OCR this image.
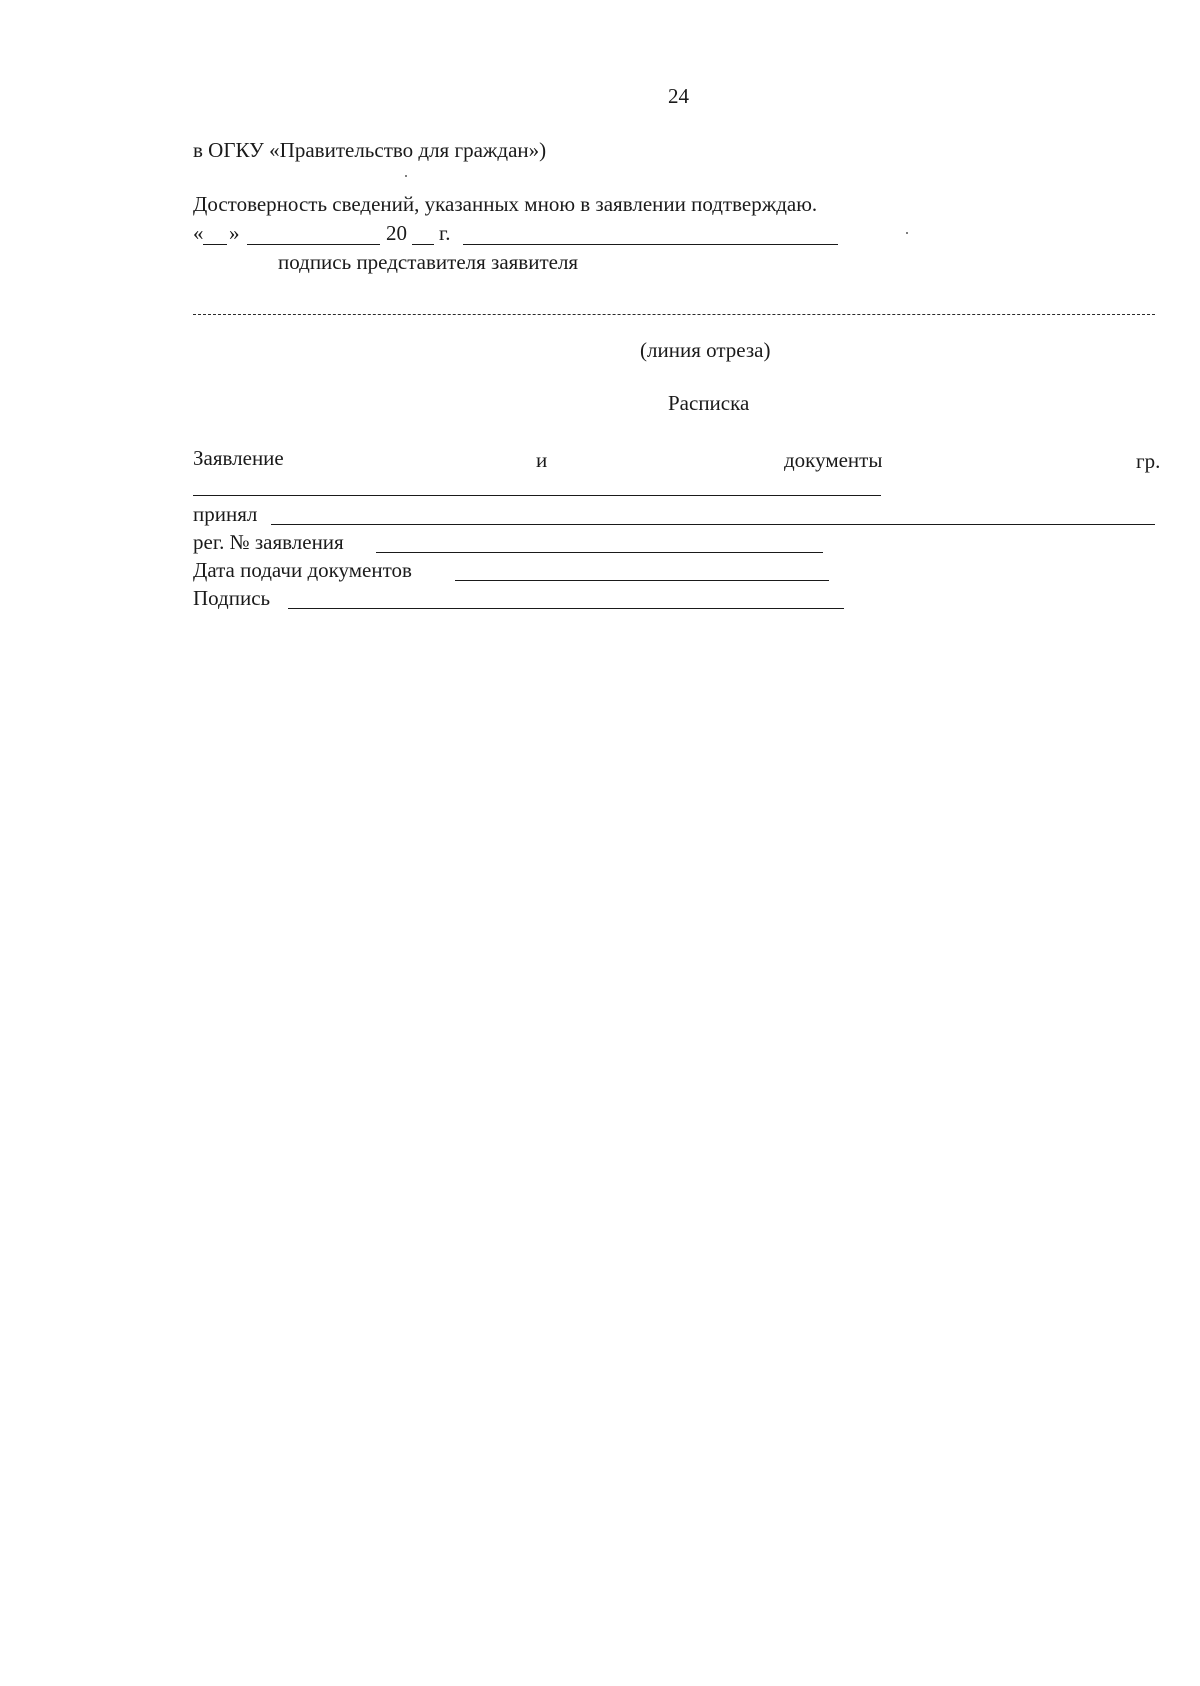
24
в ОГКУ «Правительство для граждан»)
Достоверность сведений, указанных мною в заявлении подтверждаю.
« »	20 г.
подпись представителя заявителя
(линия отреза)
Расписка
Заявление	и	документы	гр.
принял
рег. № заявления
Дата подачи документов
Подпись
